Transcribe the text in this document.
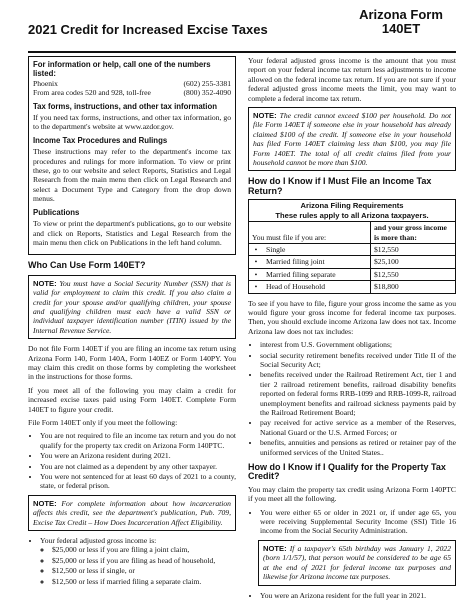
Arizona Form
140ET
2021 Credit for Increased Excise Taxes
For information or help, call one of the numbers listed:
Phoenix	(602) 255-3381
From area codes 520 and 928, toll-free	(800) 352-4090
Tax forms, instructions, and other tax information

If you need tax forms, instructions, and other tax information, go to the department's website at www.azdor.gov.

Income Tax Procedures and Rulings

These instructions may refer to the department's income tax procedures and rulings for more information. To view or print these, go to our website and select Reports, Statistics and Legal Research from the main menu then click on Legal Research and select a Document Type and Category from the drop down menus.

Publications

To view or print the department's publications, go to our website and click on Reports, Statistics and Legal Research from the main menu then click on Publications in the left hand column.

Who Can Use Form 140ET?
NOTE: You must have a Social Security Number (SSN) that is valid for employment to claim this credit. If you also claim a credit for your spouse and/or qualifying children, your spouse and qualifying children must each have a valid SSN or individual taxpayer identification number (ITIN) issued by the Internal Revenue Service.

Do not file Form 140ET if you are filing an income tax return using Arizona Form 140, Form 140A, Form 140EZ or Form 140PY. You may claim this credit on those forms by completing the worksheet in the instructions for those forms.

If you meet all of the following you may claim a credit for increased excise taxes paid using Form 140ET. Complete Form 140ET to figure your credit.

File Form 140ET only if you meet the following:

• You are not required to file an income tax return and you do not qualify for the property tax credit on Arizona Form 140PTC.
• You were an Arizona resident during 2021.
• You are not claimed as a dependent by any other taxpayer.
• You were not sentenced for at least 60 days of 2021 to a county, state, or federal prison.
NOTE: For complete information about how incarceration affects this credit, see the department's publication, Pub. 709, Excise Tax Credit – How Does Incarceration Affect Eligibility.
• Your federal adjusted gross income is:
◦ $25,000 or less if you are filing a joint claim,
◦ $25,000 or less if you are filing as head of household,
◦ $12,500 or less if single, or
◦ $12,500 or less if married filing a separate claim.

Your federal adjusted gross income is the amount that you must report on your federal income tax return less adjustments to income allowed on the federal income tax return. If you are not sure if your federal adjusted gross income meets the limit, you may want to complete a federal income tax return.

NOTE: The credit cannot exceed $100 per household. Do not file Form 140ET if someone else in your household has already claimed $100 of the credit. If someone else in your household has filed Form 140ET claiming less than $100, you may file Form 140ET. The total of all credit claims filed from your household cannot be more than $100.
How do I Know if I Must File an Income Tax Return?
Arizona Filing Requirements
These rules apply to all Arizona taxpayers.		

You must file if you are:		and your gross income is more than:
•	Single	$12,550
•	Married filing joint	$25,100
•	Married filing separate	$12,550
•	Head of Household	$18,800

To see if you have to file, figure your gross income the same as you would figure your gross income for federal income tax purposes. Then, you should exclude income Arizona law does not tax. Income Arizona law does not tax includes:

• interest from U.S. Government obligations;
• social security retirement benefits received under Title II of the Social Security Act;
• benefits received under the Railroad Retirement Act, tier 1 and tier 2 railroad retirement benefits, railroad disability benefits reported on federal forms RRB-1099 and RRB-1099-R, railroad unemployment benefits and railroad sickness payments paid by the Railroad Retirement Board;
• pay received for active service as a member of the Reserves, National Guard or the U.S. Armed Forces; or
• benefits, annuities and pensions as retired or retainer pay of the uniformed services of the United States..
How do I Know if I Qualify for the Property Tax Credit?

You may claim the property tax credit using Arizona Form 140PTC if you meet all the following.

• You were either 65 or older in 2021 or, if under age 65, you were receiving Supplemental Security Income (SSI) Title 16 income from the Social Security Administration.
NOTE: If a taxpayer's 65th birthday was January 1, 2022 (born 1/1/57), that person would be considered to be age 65 at the end of 2021 for federal income tax purposes and likewise for Arizona income tax purposes.
• You were an Arizona resident for the full year in 2021.
